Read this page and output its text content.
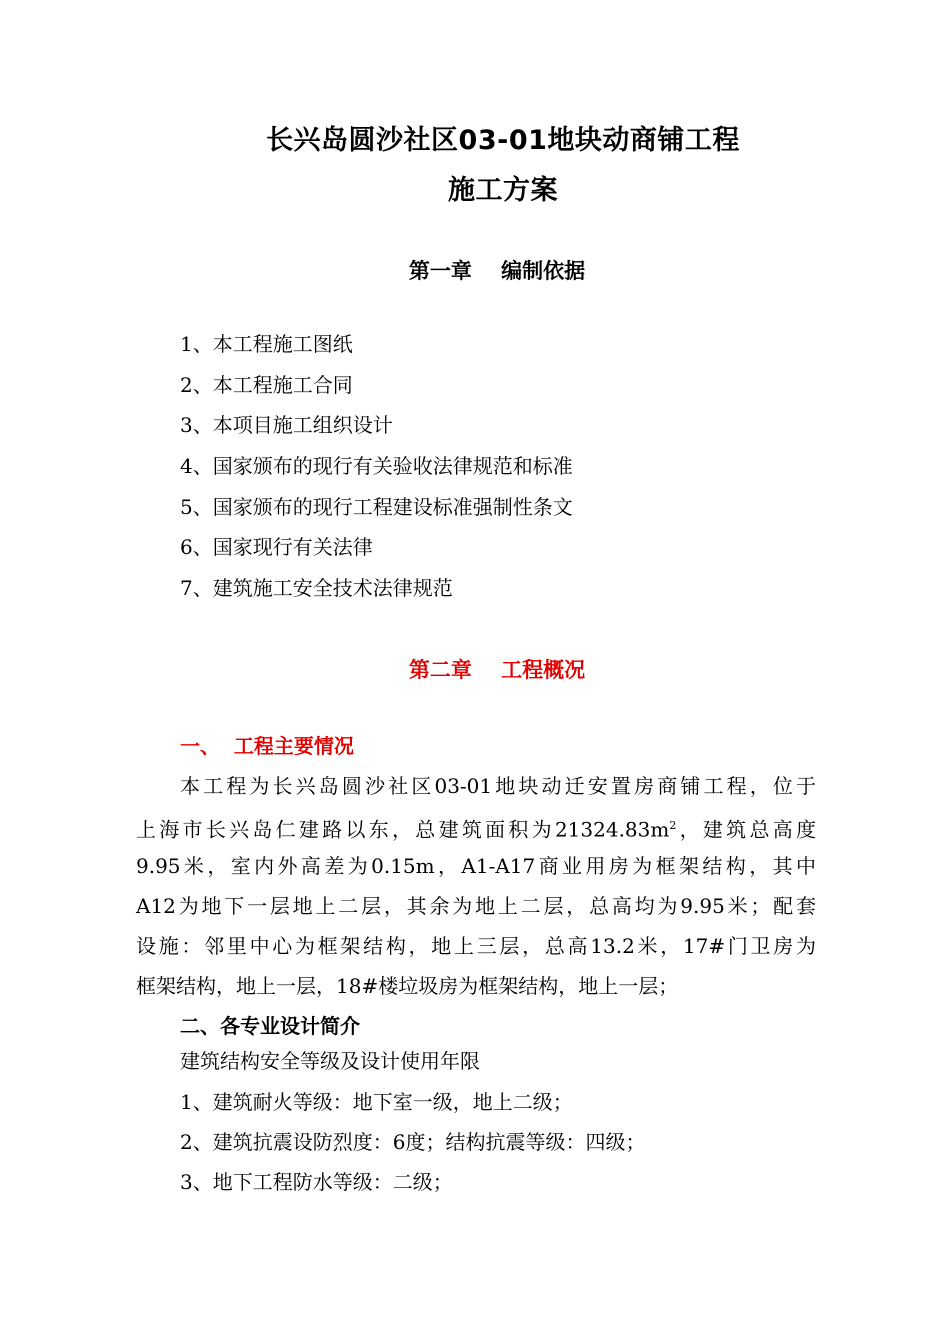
长兴岛圆沙社区03-01地块动商铺工程
施工方案
第一章    编制依据
1、本工程施工图纸
2、本工程施工合同
3、本项目施工组织设计
4、国家颁布的现行有关验收法律规范和标准
5、国家颁布的现行工程建设标准强制性条文
6、国家现行有关法律
7、建筑施工安全技术法律规范
第二章    工程概况
一、  工程主要情况
本工程为长兴岛圆沙社区03-01地块动迁安置房商铺工程，位于
上海市长兴岛仁建路以东，总建筑面积为$21324.83m^2$，建筑总高度
9.95米，室内外高差为0.15m，A1-A17商业用房为框架结构，其中
A12为地下一层地上二层，其余为地上二层，总高均为9.95米；配套
设施：邻里中心为框架结构，地上三层，总高13.2米，17#门卫房为
框架结构，地上一层，18#楼垃圾房为框架结构，地上一层；
二、各专业设计简介
建筑结构安全等级及设计使用年限
1、建筑耐火等级：地下室一级，地上二级；
2、建筑抗震设防烈度：6度；结构抗震等级：四级；
3、地下工程防水等级：二级；
